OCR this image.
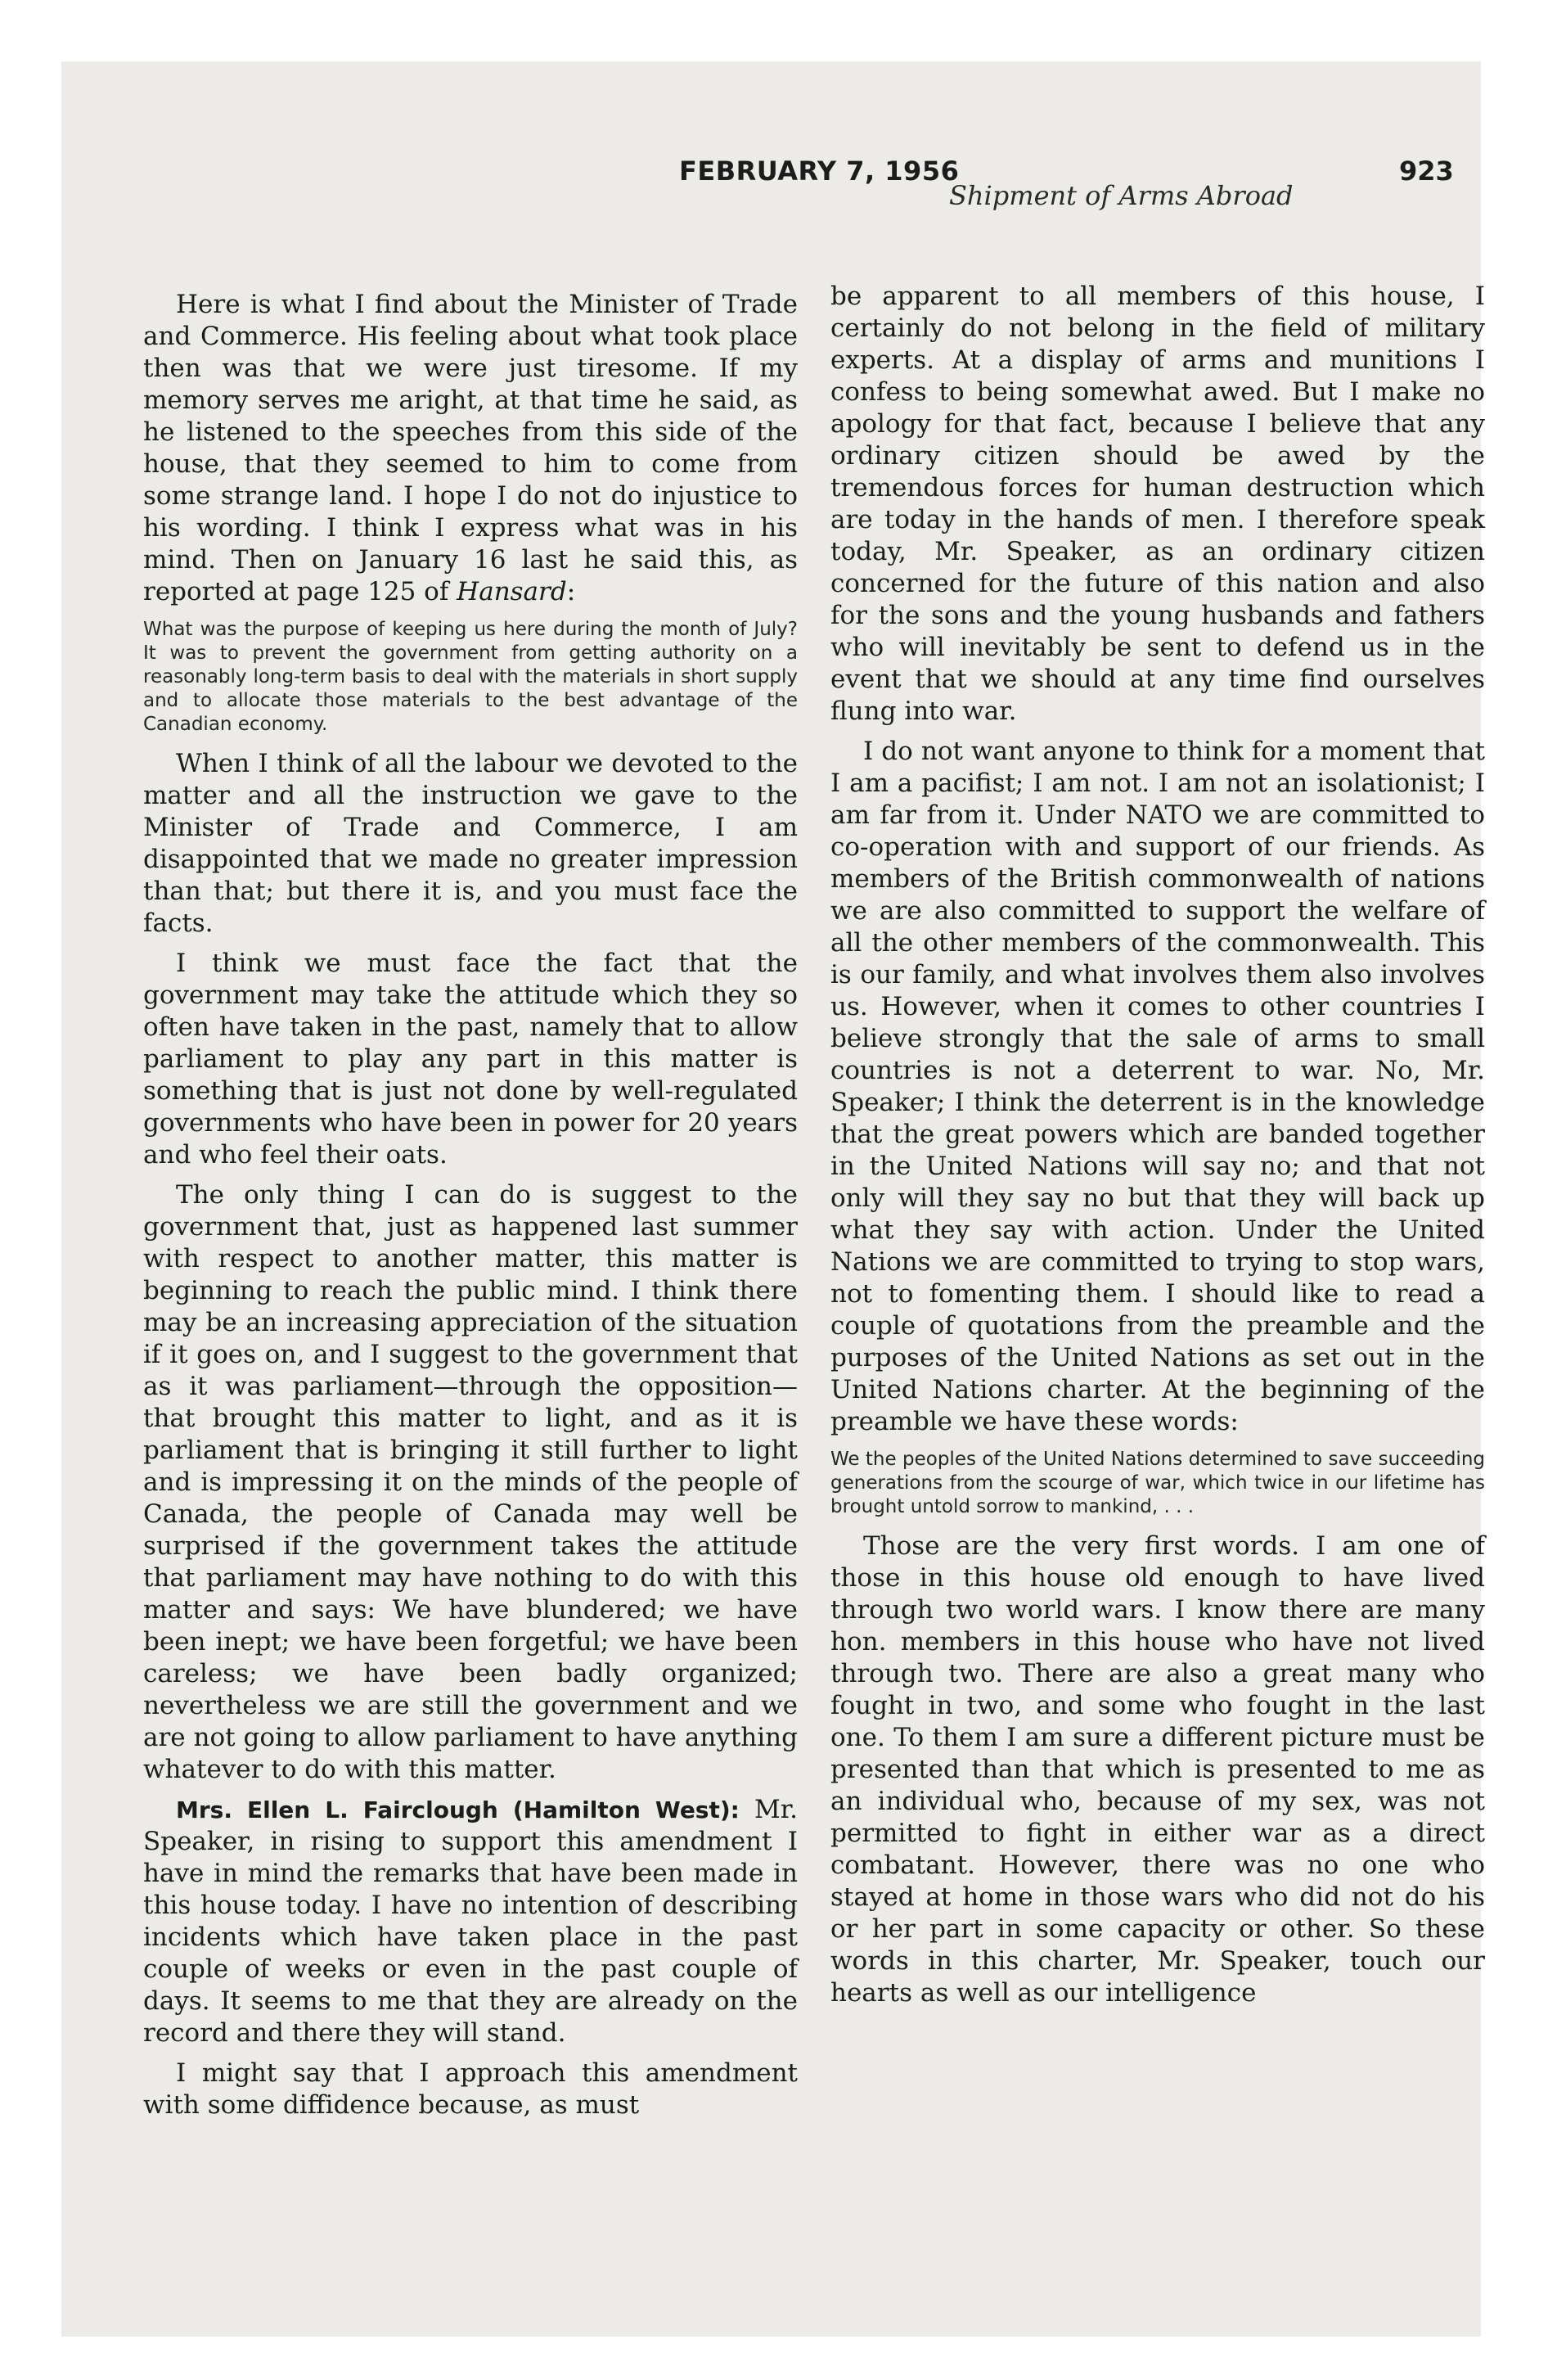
FEBRUARY 7, 1956	923
Shipment of Arms Abroad

Here is what I find about the Minister of Trade and Commerce. His feeling about what took place then was that we were just tiresome. If my memory serves me aright, at that time he said, as he listened to the speeches from this side of the house, that they seemed to him to come from some strange land. I hope I do not do injustice to his wording. I think I express what was in his mind. Then on January 16 last he said this, as reported at page 125 of Hansard:

What was the purpose of keeping us here during the month of July? It was to prevent the government from getting authority on a reasonably long-term basis to deal with the materials in short supply and to allocate those materials to the best advantage of the Canadian economy.

When I think of all the labour we devoted to the matter and all the instruction we gave to the Minister of Trade and Commerce, I am disappointed that we made no greater impression than that; but there it is, and you must face the facts.

I think we must face the fact that the government may take the attitude which they so often have taken in the past, namely that to allow parliament to play any part in this matter is something that is just not done by well-regulated governments who have been in power for 20 years and who feel their oats.

The only thing I can do is suggest to the government that, just as happened last summer with respect to another matter, this matter is beginning to reach the public mind. I think there may be an increasing appreciation of the situation if it goes on, and I suggest to the government that as it was parliament—through the opposition—that brought this matter to light, and as it is parliament that is bringing it still further to light and is impressing it on the minds of the people of Canada, the people of Canada may well be surprised if the government takes the attitude that parliament may have nothing to do with this matter and says: We have blundered; we have been inept; we have been forgetful; we have been careless; we have been badly organized; nevertheless we are still the government and we are not going to allow parliament to have anything whatever to do with this matter.

Mrs. Ellen L. Fairclough (Hamilton West): Mr. Speaker, in rising to support this amendment I have in mind the remarks that have been made in this house today. I have no intention of describing incidents which have taken place in the past couple of weeks or even in the past couple of days. It seems to me that they are already on the record and there they will stand.

I might say that I approach this amendment with some diffidence because, as must

be apparent to all members of this house, I certainly do not belong in the field of military experts. At a display of arms and munitions I confess to being somewhat awed. But I make no apology for that fact, because I believe that any ordinary citizen should be awed by the tremendous forces for human destruction which are today in the hands of men. I therefore speak today, Mr. Speaker, as an ordinary citizen concerned for the future of this nation and also for the sons and the young husbands and fathers who will inevitably be sent to defend us in the event that we should at any time find ourselves flung into war.

I do not want anyone to think for a moment that I am a pacifist; I am not. I am not an isolationist; I am far from it. Under NATO we are committed to co-operation with and support of our friends. As members of the British commonwealth of nations we are also committed to support the welfare of all the other members of the commonwealth. This is our family, and what involves them also involves us. However, when it comes to other countries I believe strongly that the sale of arms to small countries is not a deterrent to war. No, Mr. Speaker; I think the deterrent is in the knowledge that the great powers which are banded together in the United Nations will say no; and that not only will they say no but that they will back up what they say with action. Under the United Nations we are committed to trying to stop wars, not to fomenting them. I should like to read a couple of quotations from the preamble and the purposes of the United Nations as set out in the United Nations charter. At the beginning of the preamble we have these words:

We the peoples of the United Nations determined to save succeeding generations from the scourge of war, which twice in our lifetime has brought untold sorrow to mankind, . . .

Those are the very first words. I am one of those in this house old enough to have lived through two world wars. I know there are many hon. members in this house who have not lived through two. There are also a great many who fought in two, and some who fought in the last one. To them I am sure a different picture must be presented than that which is presented to me as an individual who, because of my sex, was not permitted to fight in either war as a direct combatant. However, there was no one who stayed at home in those wars who did not do his or her part in some capacity or other. So these words in this charter, Mr. Speaker, touch our hearts as well as our intelligence
